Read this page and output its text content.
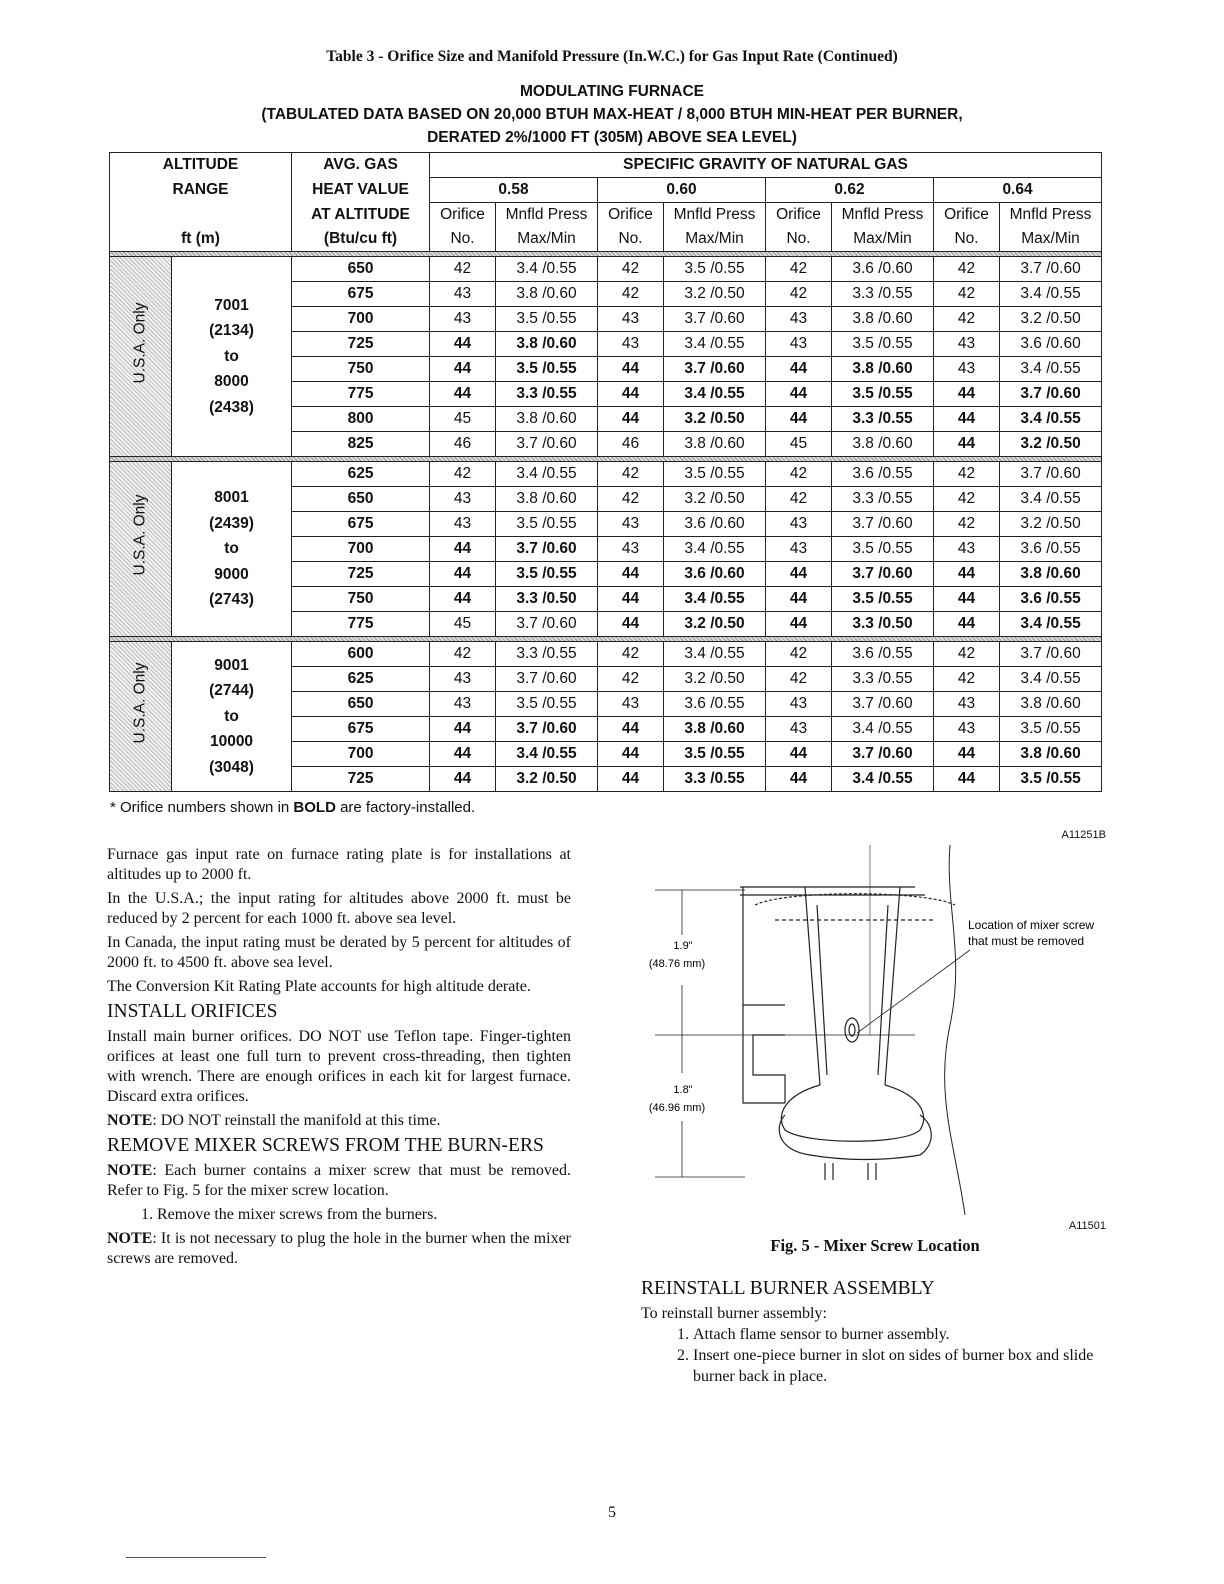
Table 3 - Orifice Size and Manifold Pressure (In.W.C.) for Gas Input Rate (Continued)
MODULATING FURNACE
(TABULATED DATA BASED ON 20,000 BTUH MAX-HEAT / 8,000 BTUH MIN-HEAT PER BURNER,
DERATED 2%/1000 FT (305M) ABOVE SEA LEVEL)
ALTITUDE		AVG. GAS	SPECIFIC GRAVITY OF NATURAL GAS							
RANGE		HEAT VALUE	0.58		0.60		0.62		0.64	
		AT ALTITUDE	Orifice	Mnfld Press	Orifice	Mnfld Press	Orifice	Mnfld Press	Orifice	Mnfld Press
ft (m)		(Btu/cu ft)	No.	Max/Min	No.	Max/Min	No.	Max/Min	No.	Max/Min

U.S.A. Only	7001
(2134)
to
8000
(2438)	650	42	3.4 /0.55	42	3.5 /0.55	42	3.6 /0.60	42	3.7 /0.60
		675	43	3.8 /0.60	42	3.2 /0.50	42	3.3 /0.55	42	3.4 /0.55
		700	43	3.5 /0.55	43	3.7 /0.60	43	3.8 /0.60	42	3.2 /0.50
		725	44	3.8 /0.60	43	3.4 /0.55	43	3.5 /0.55	43	3.6 /0.60
		750	44	3.5 /0.55	44	3.7 /0.60	44	3.8 /0.60	43	3.4 /0.55
		775	44	3.3 /0.55	44	3.4 /0.55	44	3.5 /0.55	44	3.7 /0.60
		800	45	3.8 /0.60	44	3.2 /0.50	44	3.3 /0.55	44	3.4 /0.55
		825	46	3.7 /0.60	46	3.8 /0.60	45	3.8 /0.60	44	3.2 /0.50

U.S.A. Only	8001
(2439)
to
9000
(2743)	625	42	3.4 /0.55	42	3.5 /0.55	42	3.6 /0.55	42	3.7 /0.60
		650	43	3.8 /0.60	42	3.2 /0.50	42	3.3 /0.55	42	3.4 /0.55
		675	43	3.5 /0.55	43	3.6 /0.60	43	3.7 /0.60	42	3.2 /0.50
		700	44	3.7 /0.60	43	3.4 /0.55	43	3.5 /0.55	43	3.6 /0.55
		725	44	3.5 /0.55	44	3.6 /0.60	44	3.7 /0.60	44	3.8 /0.60
		750	44	3.3 /0.50	44	3.4 /0.55	44	3.5 /0.55	44	3.6 /0.55
		775	45	3.7 /0.60	44	3.2 /0.50	44	3.3 /0.50	44	3.4 /0.55

U.S.A. Only	9001
(2744)
to
10000
(3048)	600	42	3.3 /0.55	42	3.4 /0.55	42	3.6 /0.55	42	3.7 /0.60
		625	43	3.7 /0.60	42	3.2 /0.50	42	3.3 /0.55	42	3.4 /0.55
		650	43	3.5 /0.55	43	3.6 /0.55	43	3.7 /0.60	43	3.8 /0.60
		675	44	3.7 /0.60	44	3.8 /0.60	43	3.4 /0.55	43	3.5 /0.55
		700	44	3.4 /0.55	44	3.5 /0.55	44	3.7 /0.60	44	3.8 /0.60
		725	44	3.2 /0.50	44	3.3 /0.55	44	3.4 /0.55	44	3.5 /0.55
* Orifice numbers shown in BOLD are factory-installed.
A11251B

Furnace gas input rate on furnace rating plate is for installations at altitudes up to 2000 ft.

In the U.S.A.; the input rating for altitudes above 2000 ft. must be reduced by 2 percent for each 1000 ft. above sea level.

In Canada, the input rating must be derated by 5 percent for altitudes of 2000 ft. to 4500 ft. above sea level.

The Conversion Kit Rating Plate accounts for high altitude derate.

INSTALL ORIFICES

Install main burner orifices. DO NOT use Teflon tape. Finger-tighten orifices at least one full turn to prevent cross-threading, then tighten with wrench. There are enough orifices in each kit for largest furnace. Discard extra orifices.

NOTE: DO NOT reinstall the manifold at this time.

REMOVE MIXER SCREWS FROM THE BURN-ERS

NOTE: Each burner contains a mixer screw that must be removed. Refer to Fig. 5 for the mixer screw location.

1. Remove the mixer screws from the burners.

NOTE: It is not necessary to plug the hole in the burner when the mixer screws are removed.

1.9"
(48.76 mm)
1.8"
(46.96 mm)
Location of mixer screw
that must be removed
A11501
Fig. 5 - Mixer Screw Location
REINSTALL BURNER ASSEMBLY

To reinstall burner assembly:

1. Attach flame sensor to burner assembly.
2. Insert one-piece burner in slot on sides of burner box and slide burner back in place.
5
